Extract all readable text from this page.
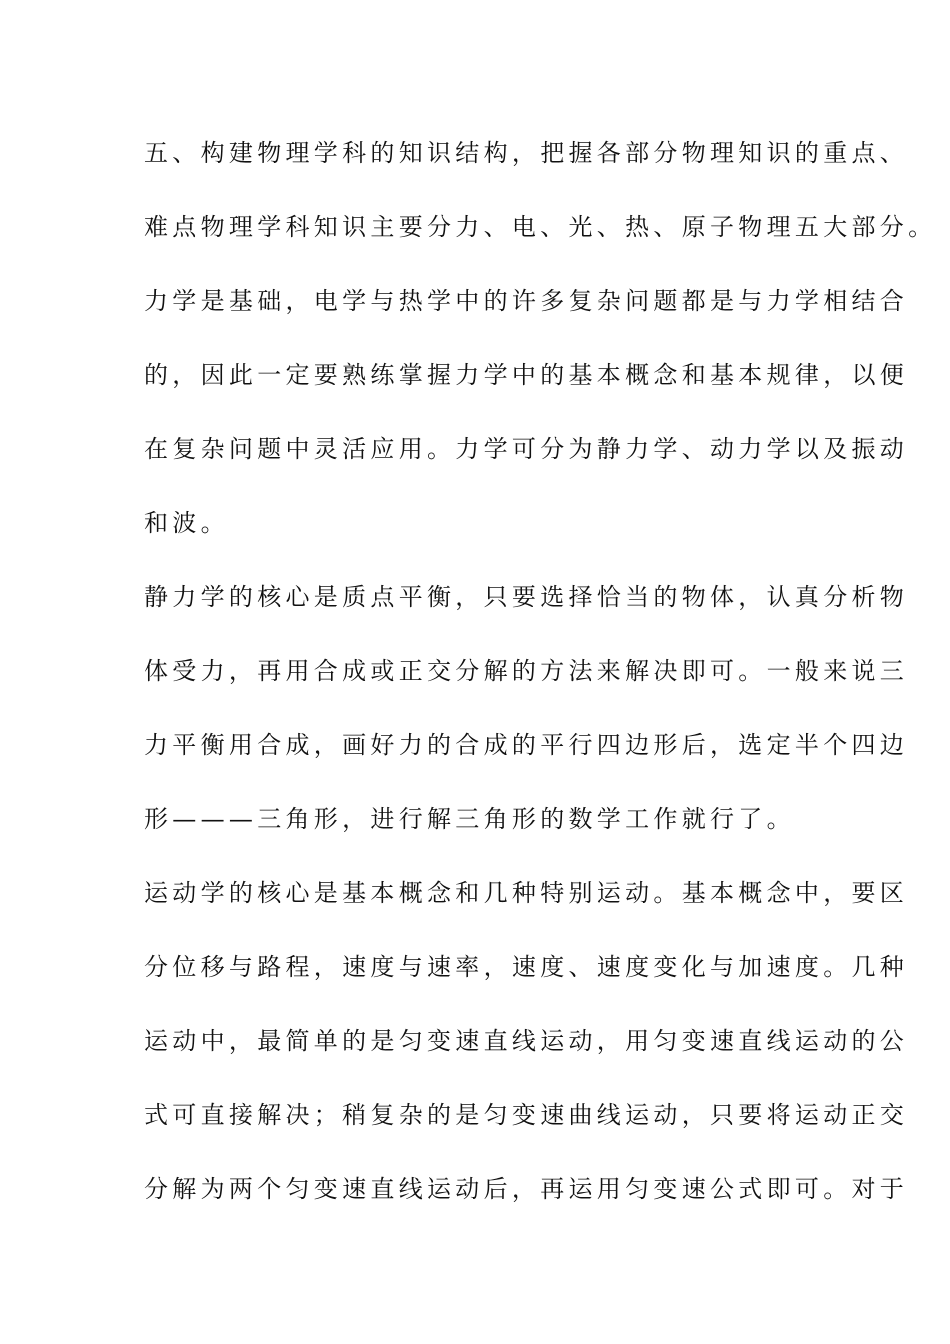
五、构建物理学科的知识结构，把握各部分物理知识的重点、
难点物理学科知识主要分力、电、光、热、原子物理五大部分。
力学是基础，电学与热学中的许多复杂问题都是与力学相结合
的，因此一定要熟练掌握力学中的基本概念和基本规律，以便
在复杂问题中灵活应用。力学可分为静力学、动力学以及振动
和波。
静力学的核心是质点平衡，只要选择恰当的物体，认真分析物
体受力，再用合成或正交分解的方法来解决即可。一般来说三
力平衡用合成，画好力的合成的平行四边形后，选定半个四边
形———三角形，进行解三角形的数学工作就行了。
运动学的核心是基本概念和几种特别运动。基本概念中，要区
分位移与路程，速度与速率，速度、速度变化与加速度。几种
运动中，最简单的是匀变速直线运动，用匀变速直线运动的公
式可直接解决；稍复杂的是匀变速曲线运动，只要将运动正交
分解为两个匀变速直线运动后，再运用匀变速公式即可。对于
